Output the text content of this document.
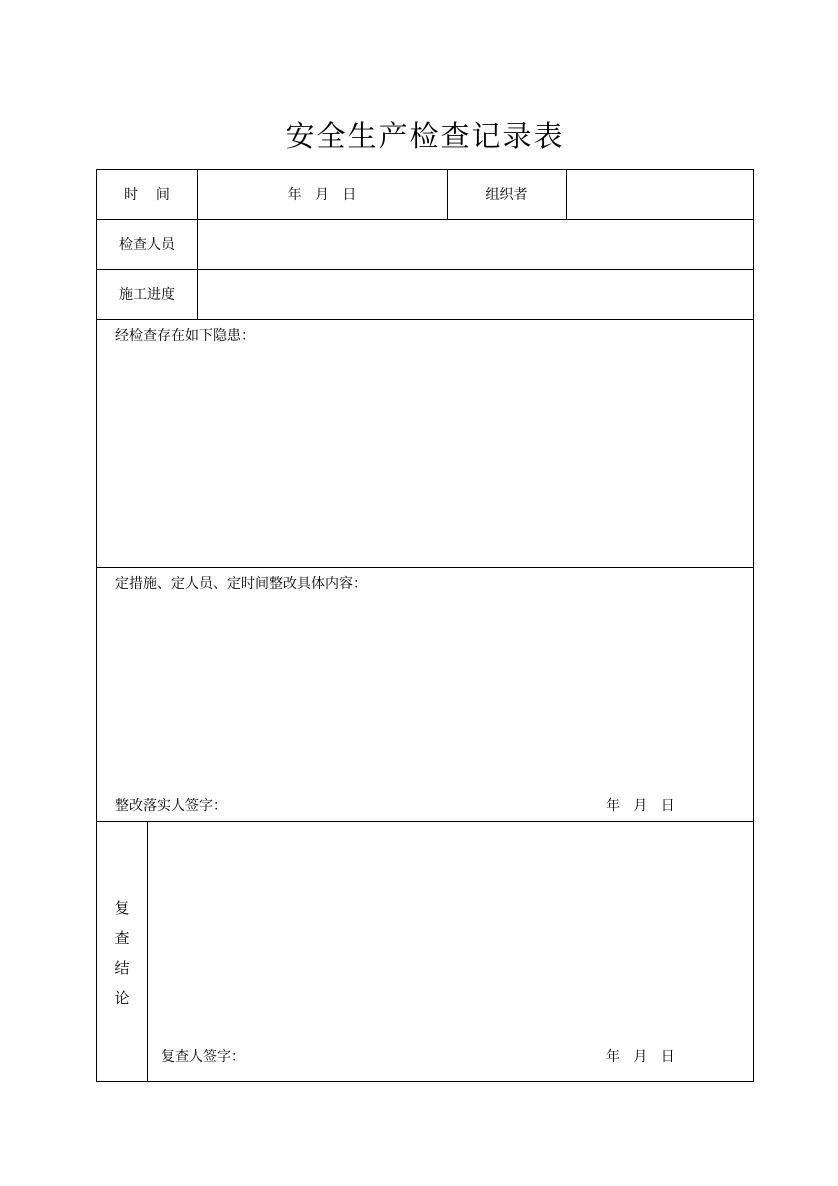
安全生产检查记录表
时    间	年   月   日	组织者
检查人员
施工进度
经检查存在如下隐患：
定措施、定人员、定时间整改具体内容：
整改落实人签字：	年   月   日
复
查
结
论
复查人签字：	年   月   日
